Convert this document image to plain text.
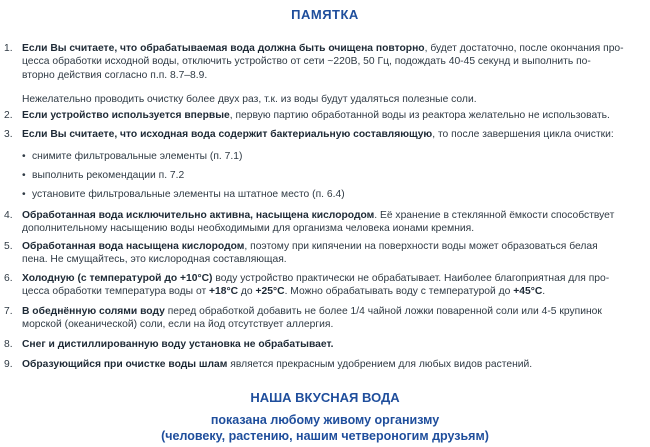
ПАМЯТКА
1. Если Вы считаете, что обрабатываемая вода должна быть очищена повторно, будет достаточно, после окончания про-
цесса обработки исходной воды, отключить устройство от сети ~220В, 50 Гц, подождать 40-45 секунд и выполнить по-
вторно действия согласно п.п. 8.7–8.9.
Нежелательно проводить очистку более двух раз, т.к. из воды будут удаляться полезные соли.
2. Если устройство используется впервые, первую партию обработанной воды из реактора желательно не использовать.
3. Если Вы считаете, что исходная вода содержит бактериальную составляющую, то после завершения цикла очистки:
• снимите фильтровальные элементы (п. 7.1)
• выполнить рекомендации п. 7.2
• установите фильтровальные элементы на штатное место (п. 6.4)
4. Обработанная вода исключительно активна, насыщена кислородом. Её хранение в стеклянной ёмкости способствует
дополнительному насыщению воды необходимыми для организма человека ионами кремния.
5. Обработанная вода насыщена кислородом, поэтому при кипячении на поверхности воды может образоваться белая
пена. Не смущайтесь, это кислородная составляющая.
6. Холодную (с температурой до +10°С) воду устройство практически не обрабатывает. Наиболее благоприятная для про-
цесса обработки температура воды от +18°С до +25°С. Можно обрабатывать воду с температурой до +45°С.
7. В обеднённую солями воду перед обработкой добавить не более 1/4 чайной ложки поваренной соли или 4-5 крупинок
морской (океанической) соли, если на йод отсутствует аллергия.
8. Снег и дистиллированную воду установка не обрабатывает.
9. Образующийся при очистке воды шлам является прекрасным удобрением для любых видов растений.
НАША ВКУСНАЯ ВОДА
показана любому живому организму
(человеку, растению, нашим четвероногим друзьям)
